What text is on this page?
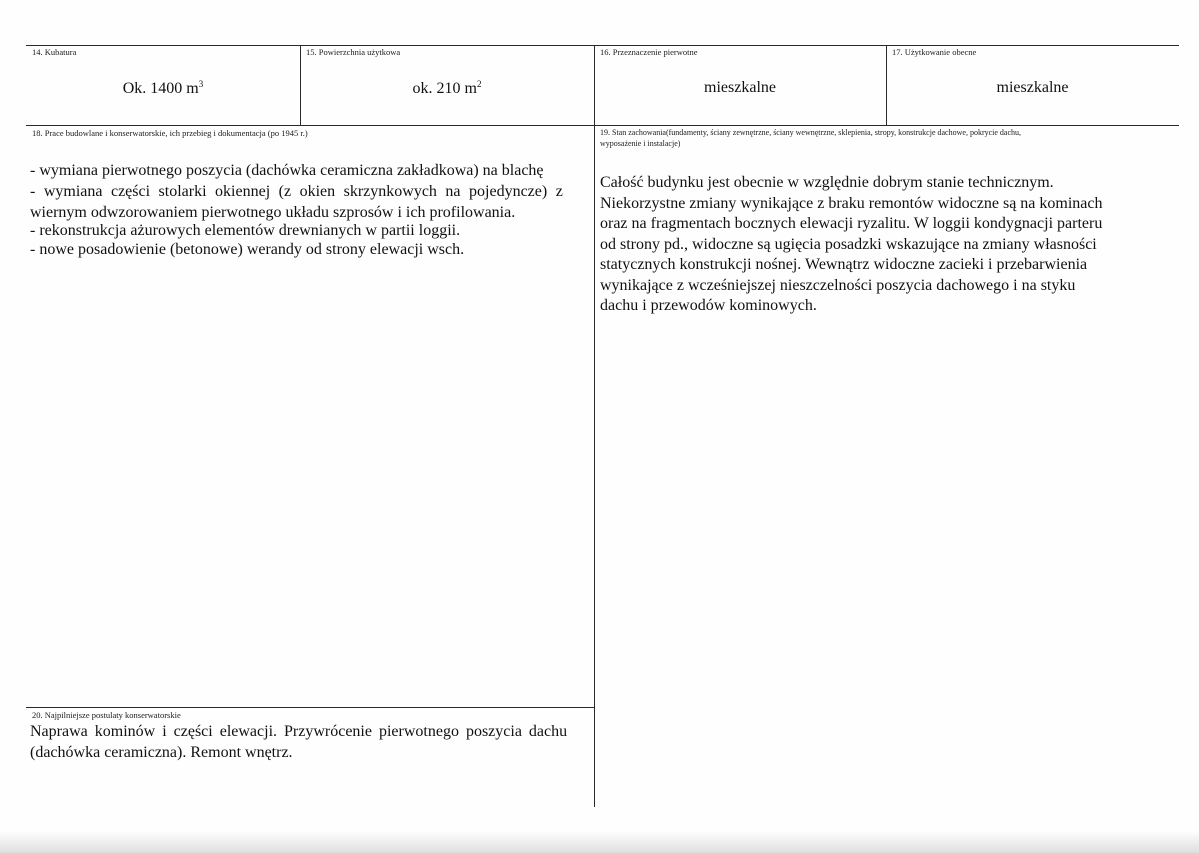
14. Kubatura
Ok. 1400 $m^3$
15. Powierzchnia użytkowa
ok. 210 $m^2$
16. Przeznaczenie pierwotne
mieszkalne
17. Użytkowanie obecne
mieszkalne
18. Prace budowlane i konserwatorskie, ich przebieg i dokumentacja (po 1945 r.)
- wymiana pierwotnego poszycia (dachówka ceramiczna zakładkowa) na blachę
- wymiana części stolarki okiennej (z okien skrzynkowych na pojedyncze) z
wiernym odwzorowaniem pierwotnego układu szprosów i ich profilowania.
- rekonstrukcja ażurowych elementów drewnianych w partii loggii.
- nowe posadowienie (betonowe) werandy od strony elewacji wsch.
19. Stan zachowania(fundamenty, ściany zewnętrzne, ściany wewnętrzne, sklepienia, stropy, konstrukcje dachowe, pokrycie dachu,
wyposażenie i instalacje)
Całość budynku jest obecnie w względnie dobrym stanie technicznym.
Niekorzystne zmiany wynikające z braku remontów widoczne są na kominach
oraz na fragmentach bocznych elewacji ryzalitu. W loggii kondygnacji parteru
od strony pd., widoczne są ugięcia posadzki wskazujące na zmiany własności
statycznych konstrukcji nośnej. Wewnątrz widoczne zacieki i przebarwienia
wynikające z wcześniejszej nieszczelności poszycia dachowego i na styku
dachu i przewodów kominowych.
20. Najpilniejsze postulaty konserwatorskie
Naprawa kominów i części elewacji. Przywrócenie pierwotnego poszycia dachu
(dachówka ceramiczna). Remont wnętrz.
